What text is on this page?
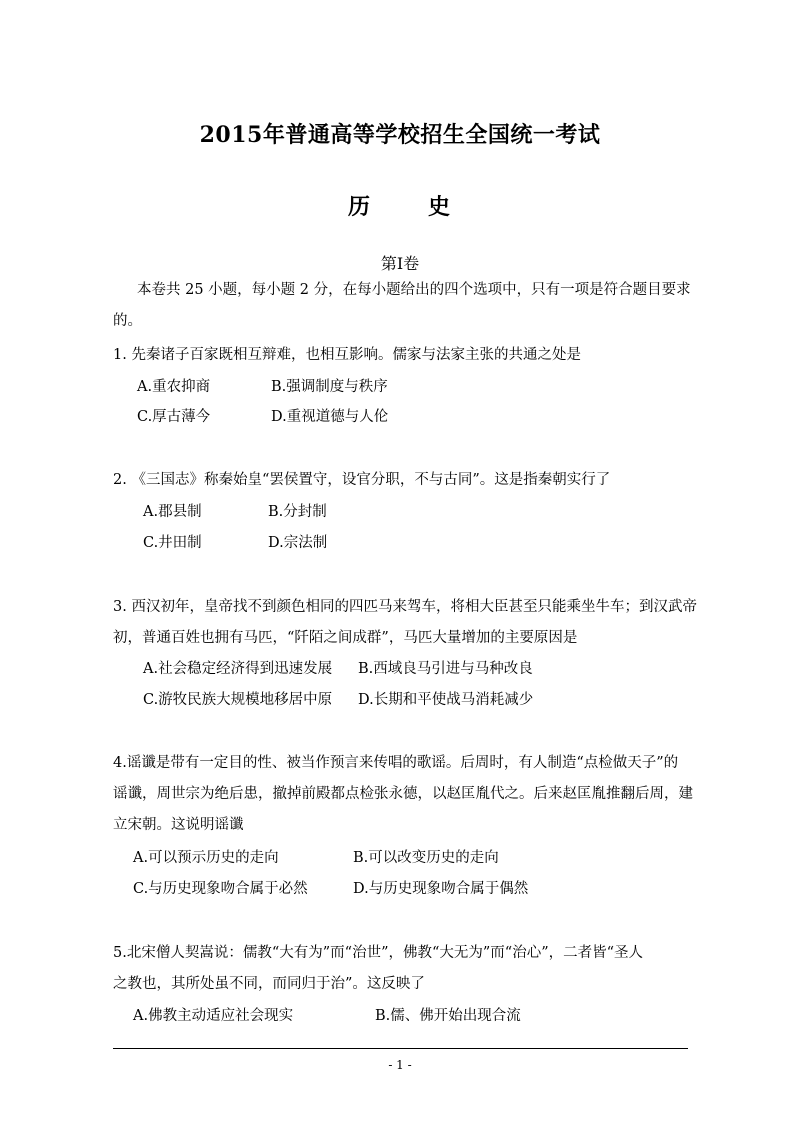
2015年普通高等学校招生全国统一考试
历	史
第I卷
本卷共 25 小题，每小题 2 分，在每小题给出的四个选项中，只有一项是符合题目要求
的。
1. 先秦诸子百家既相互辩难，也相互影响。儒家与法家主张的共通之处是
A.重农抑商	B.强调制度与秩序
C.厚古薄今	D.重视道德与人伦
2. 《三国志》称秦始皇“罢侯置守，设官分职，不与古同”。这是指秦朝实行了
A.郡县制	B.分封制
C.井田制	D.宗法制
3. 西汉初年，皇帝找不到颜色相同的四匹马来驾车，将相大臣甚至只能乘坐牛车；到汉武帝
初，普通百姓也拥有马匹，“阡陌之间成群”，马匹大量增加的主要原因是
A.社会稳定经济得到迅速发展 B.西域良马引进与马种改良
C.游牧民族大规模地移居中原 D.长期和平使战马消耗减少
4.谣谶是带有一定目的性、被当作预言来传唱的歌谣。后周时，有人制造“点检做天子”的
谣谶，周世宗为绝后患，撤掉前殿都点检张永德，以赵匡胤代之。后来赵匡胤推翻后周，建
立宋朝。这说明谣谶
A.可以预示历史的走向	B.可以改变历史的走向
C.与历史现象吻合属于必然	D.与历史现象吻合属于偶然
5.北宋僧人契嵩说：儒教“大有为”而“治世”，佛教“大无为”而“治心”，二者皆“圣人
之教也，其所处虽不同，而同归于治”。这反映了
A.佛教主动适应社会现实	B.儒、佛开始出现合流
- 1 -
